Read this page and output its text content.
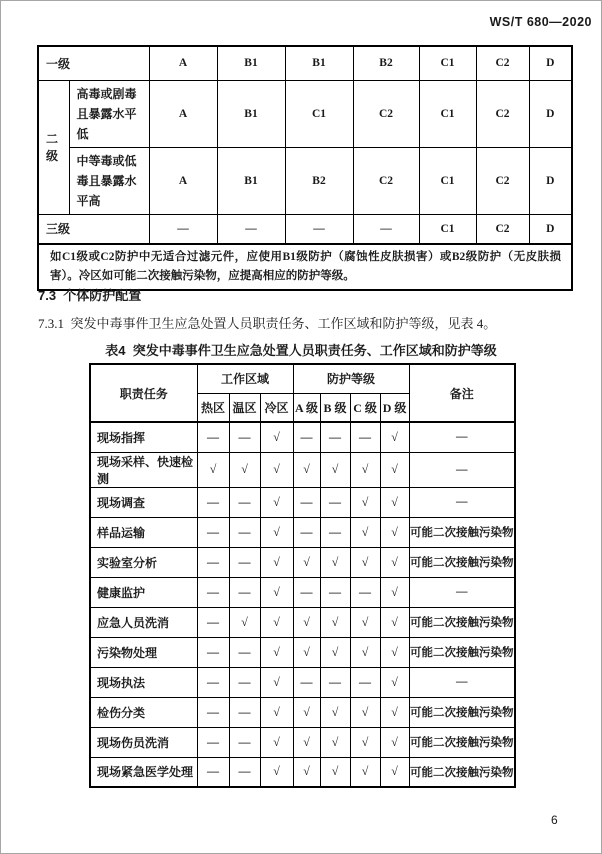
WS/T 680—2020
一级		A	B1	B1	B2	C1	C2	D
二级	高毒或剧毒且暴露水平低	A	B1	C1	C2	C1	C2	D
	中等毒或低毒且暴露水平高	A	B1	B2	C2	C1	C2	D
三级		—	—	—	—	C1	C2	D
如C1级或C2防护中无适合过滤元件，应使用B1级防护（腐蚀性皮肤损害）或B2级防护（无皮肤损害）。冷区如可能二次接触污染物，应提高相应的防护等级。								
7.3  个体防护配置
7.3.1  突发中毒事件卫生应急处置人员职责任务、工作区域和防护等级，见表 4。
表4  突发中毒事件卫生应急处置人员职责任务、工作区域和防护等级
职责任务	工作区域			防护等级				备注
	热区	温区	冷区	A 级	B 级	C 级	D 级	
现场指挥	—	—	√	—	—	—	√	—
现场采样、快速检测	√	√	√	√	√	√	√	—
现场调查	—	—	√	—	—	√	√	—
样品运输	—	—	√	—	—	√	√	可能二次接触污染物
实验室分析	—	—	√	√	√	√	√	可能二次接触污染物
健康监护	—	—	√	—	—	—	√	—
应急人员洗消	—	√	√	√	√	√	√	可能二次接触污染物
污染物处理	—	—	√	√	√	√	√	可能二次接触污染物
现场执法	—	—	√	—	—	—	√	—
检伤分类	—	—	√	√	√	√	√	可能二次接触污染物
现场伤员洗消	—	—	√	√	√	√	√	可能二次接触污染物
现场紧急医学处理	—	—	√	√	√	√	√	可能二次接触污染物
6
